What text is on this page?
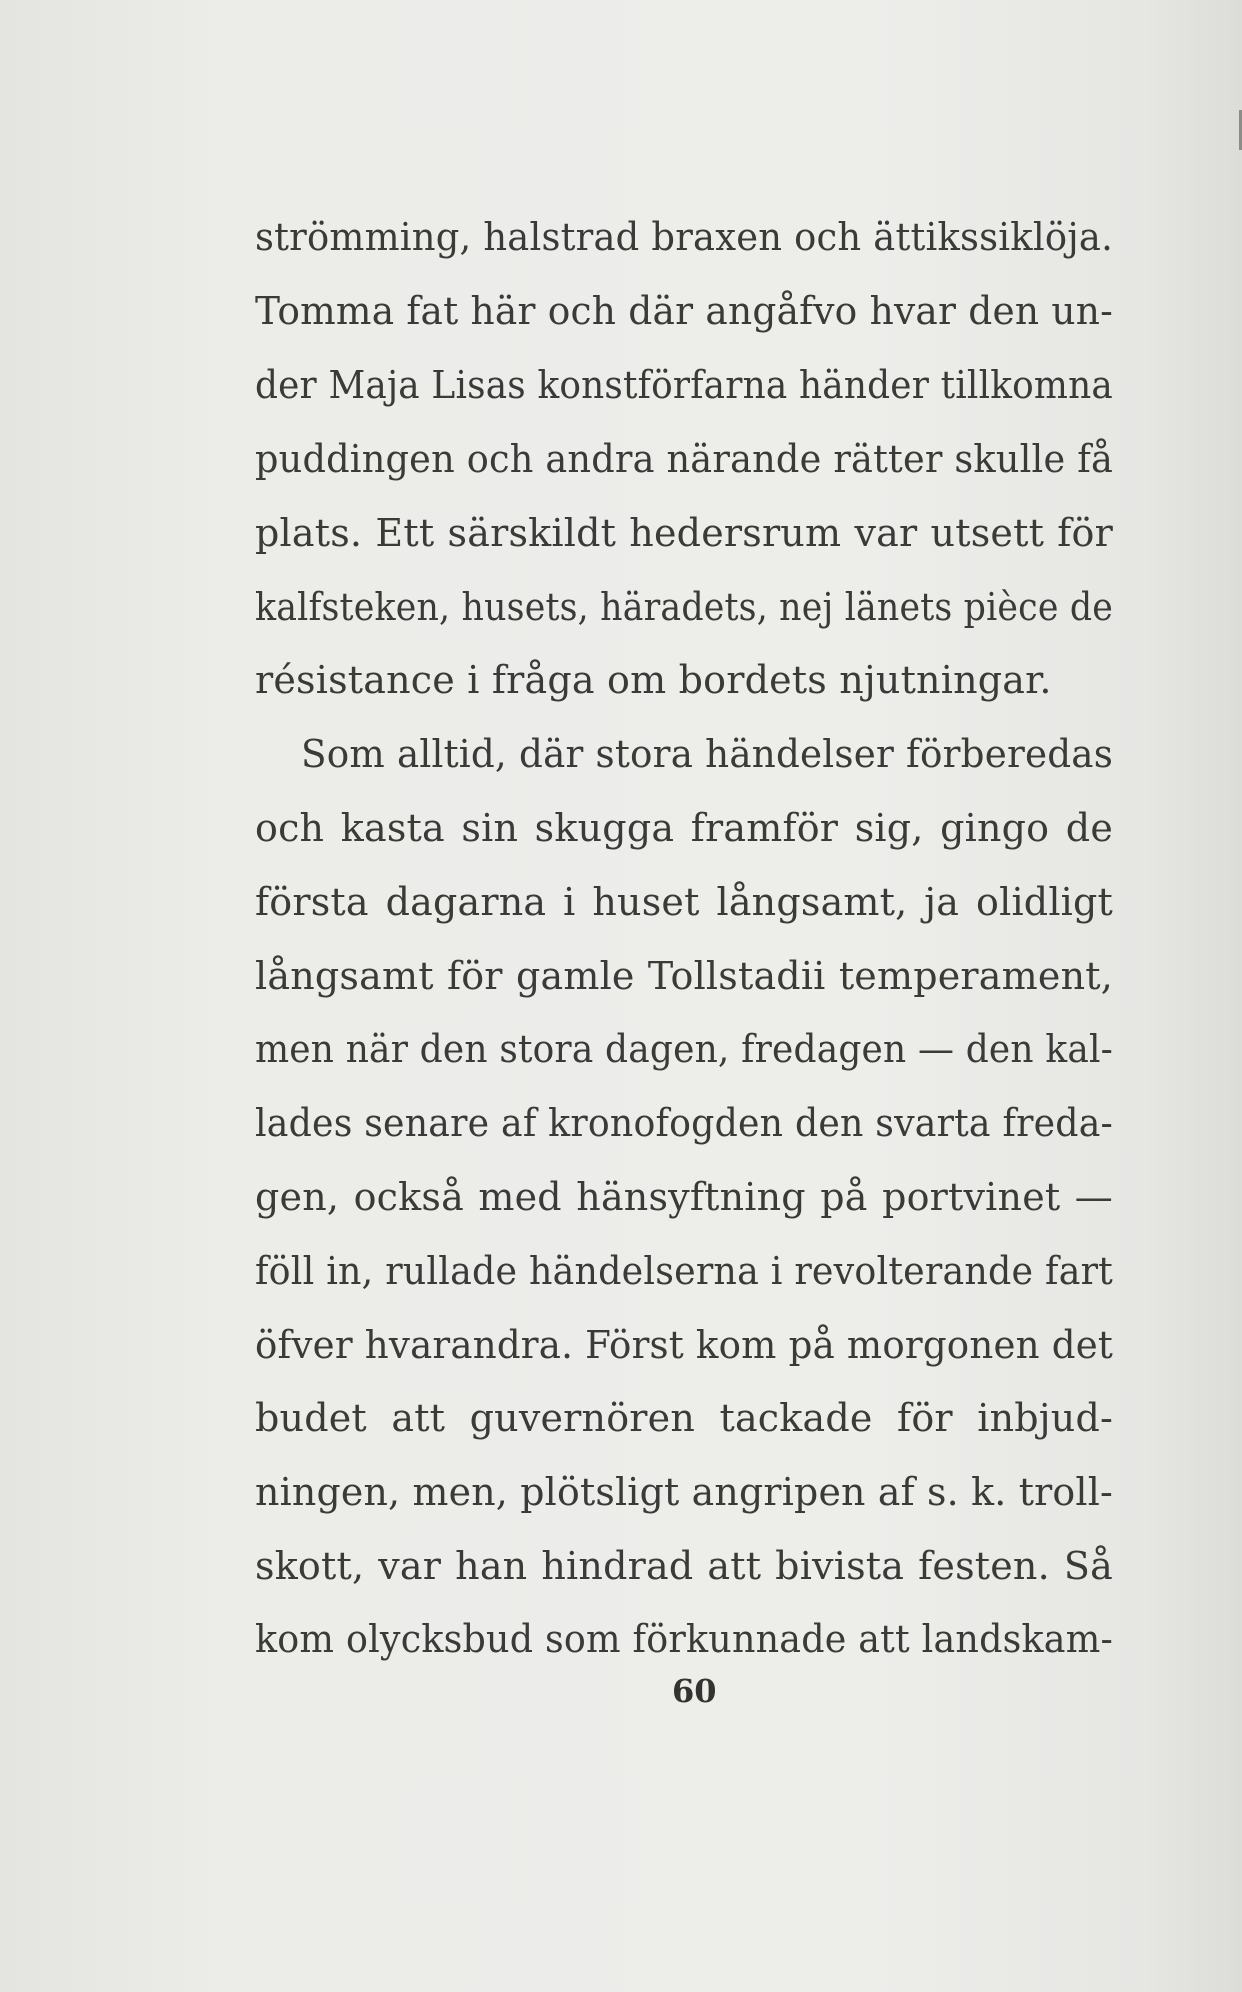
strömming, halstrad braxen och ättikssiklöja.
Tomma fat här och där angåfvo hvar den un-
der Maja Lisas konstförfarna händer tillkomna
puddingen och andra närande rätter skulle få
plats. Ett särskildt hedersrum var utsett för
kalfsteken, husets, häradets, nej länets pièce de
résistance i fråga om bordets njutningar.
Som alltid, där stora händelser förberedas
och kasta sin skugga framför sig, gingo de
första dagarna i huset långsamt, ja olidligt
långsamt för gamle Tollstadii temperament,
men när den stora dagen, fredagen — den kal-
lades senare af kronofogden den svarta freda-
gen, också med hänsyftning på portvinet —
föll in, rullade händelserna i revolterande fart
öfver hvarandra. Först kom på morgonen det
budet att guvernören tackade för inbjud-
ningen, men, plötsligt angripen af s. k. troll-
skott, var han hindrad att bivista festen. Så
kom olycksbud som förkunnade att landskam-
60
